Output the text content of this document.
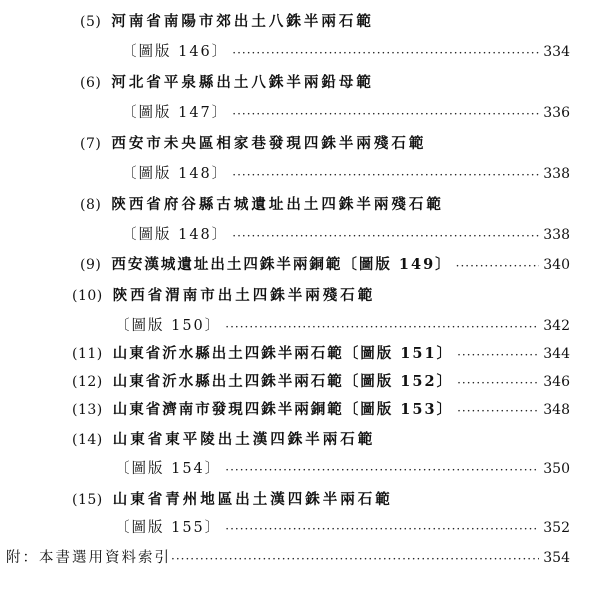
(5) 河南省南陽市郊出土八銖半兩石範
〔圖版 146〕 ·····	334
(6) 河北省平泉縣出土八銖半兩鉛母範
〔圖版 147〕 ·····	336
(7) 西安市未央區相家巷發現四銖半兩殘石範
〔圖版 148〕 ·····	338
(8) 陝西省府谷縣古城遺址出土四銖半兩殘石範
〔圖版 148〕 ·····	338
(9) 西安漢城遺址出土四銖半兩銅範〔圖版 149〕 ·····	340
(10) 陝西省渭南市出土四銖半兩殘石範
〔圖版 150〕 ·····	342
(11) 山東省沂水縣出土四銖半兩石範〔圖版 151〕 ·····	344
(12) 山東省沂水縣出土四銖半兩石範〔圖版 152〕 ·····	346
(13) 山東省濟南市發現四銖半兩銅範〔圖版 153〕 ·····	348
(14) 山東省東平陵出土漢四銖半兩石範
〔圖版 154〕 ·····	350
(15) 山東省青州地區出土漢四銖半兩石範
〔圖版 155〕 ·····	352
附：本書選用資料索引 ·····	354
